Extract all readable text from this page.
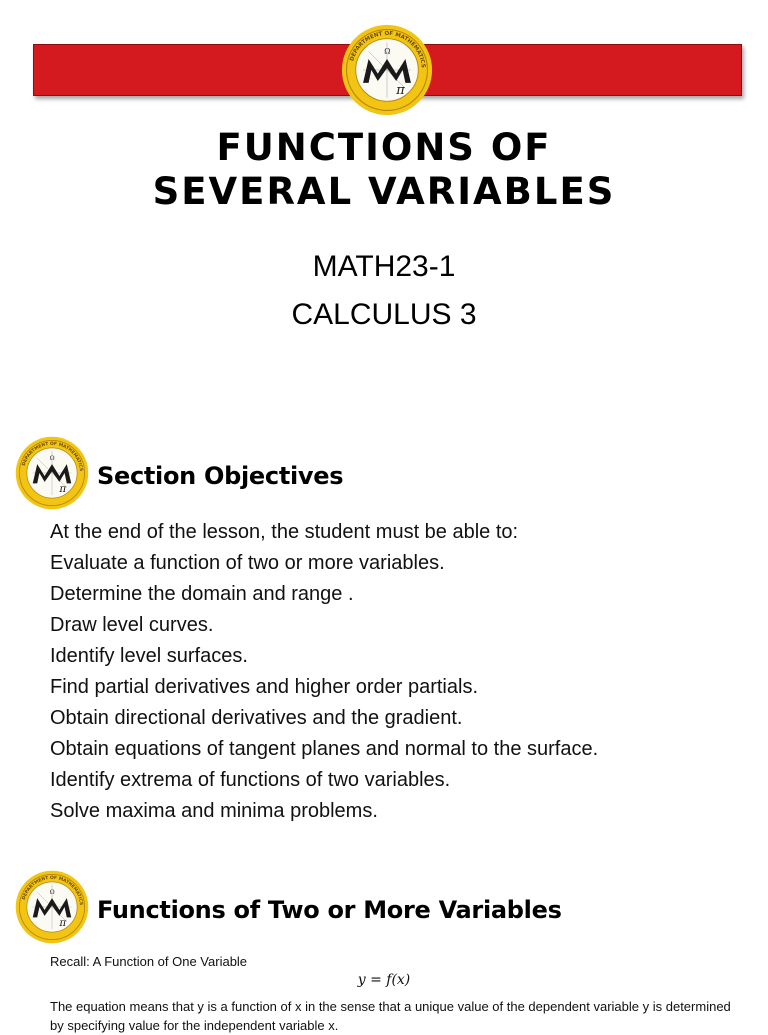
FUNCTIONS OF
SEVERAL VARIABLES
MATH23-1
CALCULUS 3
Section Objectives
At the end of the lesson, the student must be able to:
Evaluate a function of two or more variables.
Determine the domain and range .
Draw level curves.
Identify level surfaces.
Find partial derivatives and higher order partials.
Obtain directional derivatives and the gradient.
Obtain equations of tangent planes and normal to the surface.
Identify extrema of functions of two variables.
Solve maxima and minima problems.
Functions of Two or More Variables
Recall: A Function of One Variable
y = f(x)
The equation means that y is a function of x in the sense that a unique value of the dependent variable y is determined by specifying value for the independent variable x.
